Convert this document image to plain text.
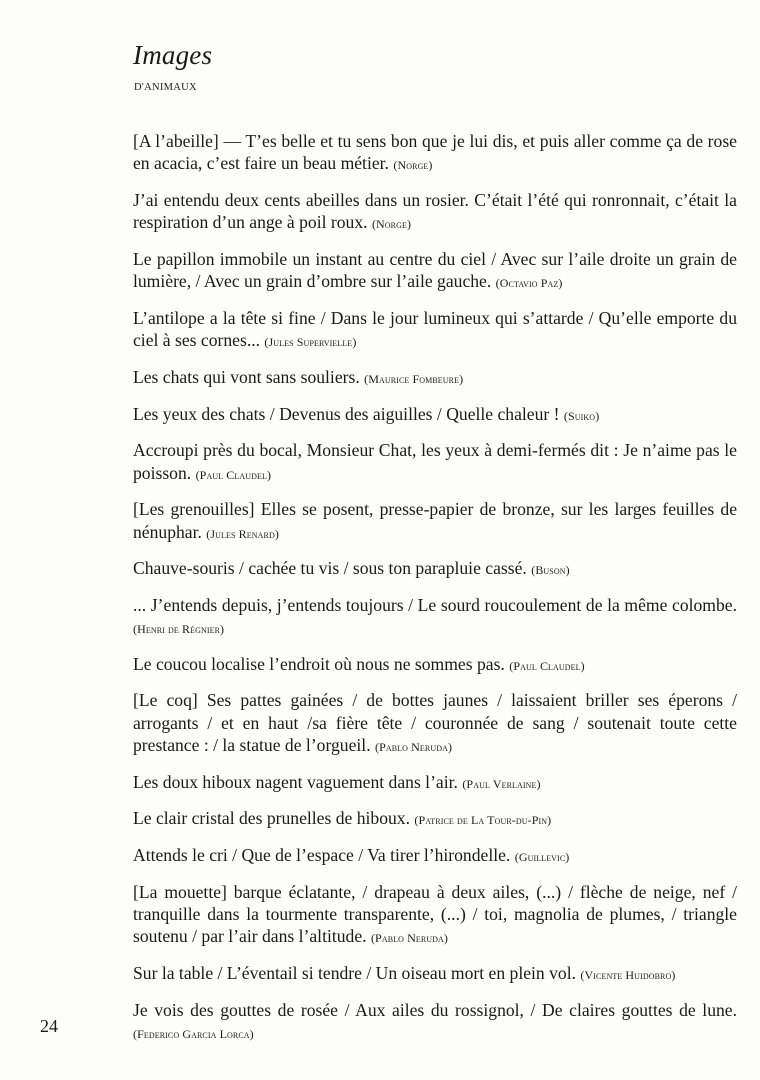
Images
D'ANIMAUX

[A l’abeille] — T’es belle et tu sens bon que je lui dis, et puis aller comme ça de rose en acacia, c’est faire un beau métier. (Norge)

J’ai entendu deux cents abeilles dans un rosier. C’était l’été qui ronronnait, c’était la respiration d’un ange à poil roux. (Norge)

Le papillon immobile un instant au centre du ciel / Avec sur l’aile droite un grain de lumière, / Avec un grain d’ombre sur l’aile gauche. (Octavio Paz)

L’antilope a la tête si fine / Dans le jour lumineux qui s’attarde / Qu’elle emporte du ciel à ses cornes... (Jules Supervielle)

Les chats qui vont sans souliers. (Maurice Fombeure)

Les yeux des chats / Devenus des aiguilles / Quelle chaleur ! (Suiko)

Accroupi près du bocal, Monsieur Chat, les yeux à demi-fermés dit : Je n’aime pas le poisson. (Paul Claudel)

[Les grenouilles] Elles se posent, presse-papier de bronze, sur les larges feuilles de nénuphar. (Jules Renard)

Chauve-souris / cachée tu vis / sous ton parapluie cassé. (Buson)

... J’entends depuis, j’entends toujours / Le sourd roucoulement de la même colombe. (Henri de Régnier)

Le coucou localise l’endroit où nous ne sommes pas. (Paul Claudel)

[Le coq] Ses pattes gainées / de bottes jaunes / laissaient briller ses éperons / arrogants / et en haut /sa fière tête / couronnée de sang / soutenait toute cette prestance : / la statue de l’orgueil. (Pablo Neruda)

Les doux hiboux nagent vaguement dans l’air. (Paul Verlaine)

Le clair cristal des prunelles de hiboux. (Patrice de La Tour-du-Pin)

Attends le cri / Que de l’espace / Va tirer l’hirondelle. (Guillevic)

[La mouette] barque éclatante, / drapeau à deux ailes, (...) / flèche de neige, nef / tranquille dans la tourmente transparente, (...) / toi, magnolia de plumes, / triangle soutenu / par l’air dans l’altitude. (Pablo Neruda)

Sur la table / L’éventail si tendre / Un oiseau mort en plein vol. (Vicente Huidobro)

Je vois des gouttes de rosée / Aux ailes du rossignol, / De claires gouttes de lune. (Federico Garcia Lorca)

24
